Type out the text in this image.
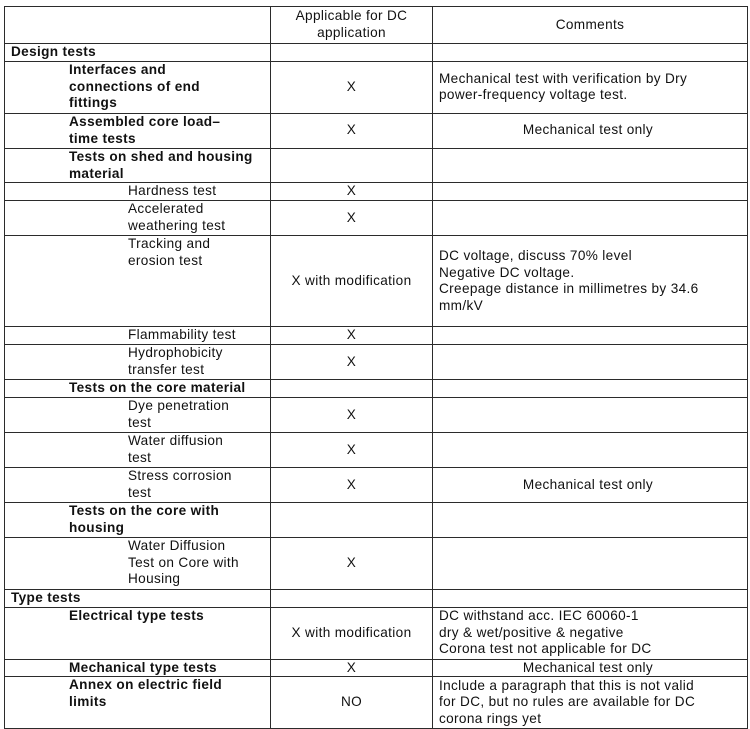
	Applicable for DC
application	Comments

Design tests		

Interfaces and
connections of end
fittings	X	Mechanical test with verification by Dry
power-frequency voltage test.

Assembled core load–
time tests	X	Mechanical test only

Tests on shed and housing material		

Hardness test	X	

Accelerated
weathering test	X	

Tracking and
erosion test	X with modification	DC voltage, discuss 70% level
Negative DC voltage.
Creepage distance in millimetres by 34.6
mm/kV

Flammability test	X	

Hydrophobicity
transfer test	X	

Tests on the core material		

Dye penetration
test	X	

Water diffusion
test	X	

Stress corrosion
test	X	Mechanical test only

Tests on the core with housing		

Water Diffusion
Test on Core with
Housing	X	

Type tests		

Electrical type tests	X with modification	DC withstand acc. IEC 60060-1
dry & wet/positive & negative
Corona test not applicable for DC

Mechanical type tests	X	Mechanical test only

Annex on electric field
limits	NO	Include a paragraph that this is not valid
for DC, but no rules are available for DC
corona rings yet
